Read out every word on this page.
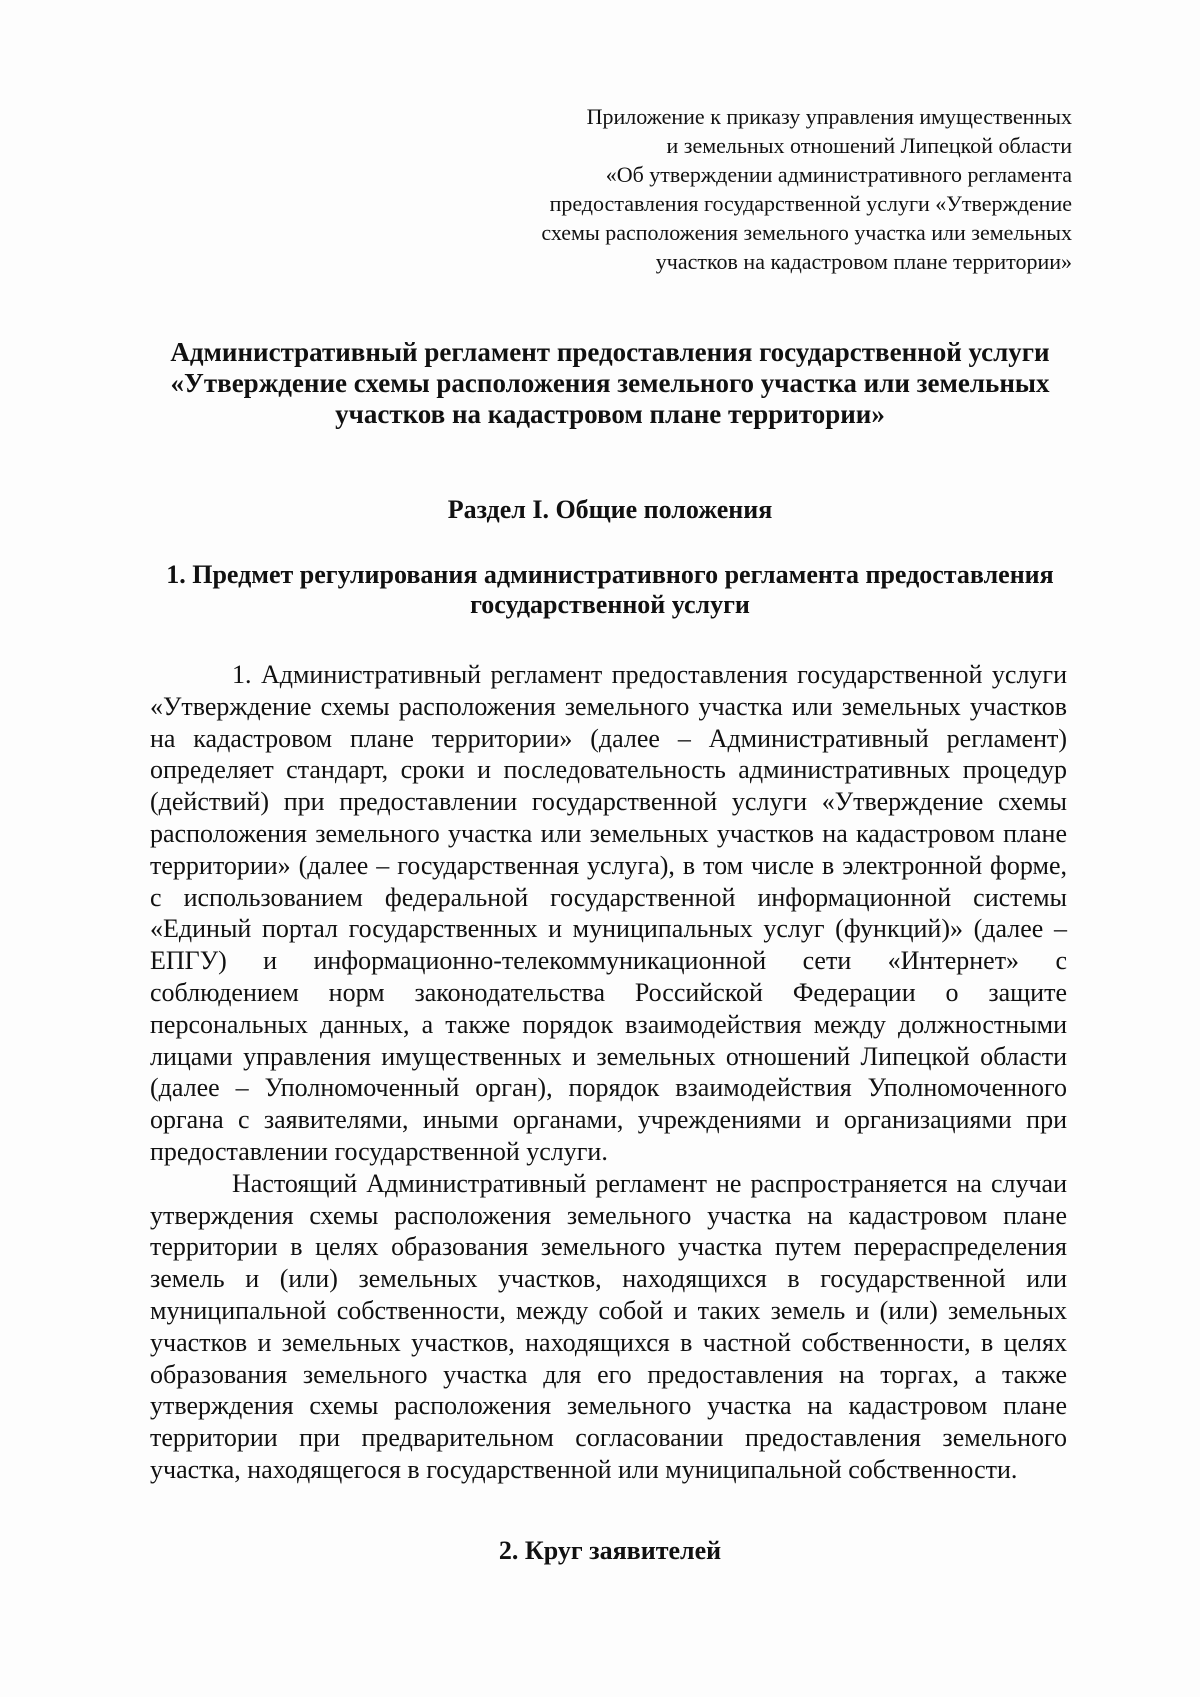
Приложение к приказу управления имущественных
и земельных отношений Липецкой области
«Об утверждении административного регламента
предоставления государственной услуги «Утверждение
схемы расположения земельного участка или земельных
участков на кадастровом плане территории»
Административный регламент предоставления государственной услуги
«Утверждение схемы расположения земельного участка или земельных
участков на кадастровом плане территории»
Раздел I. Общие положения
1. Предмет регулирования административного регламента предоставления
государственной услуги

1. Административный регламент предоставления государственной услуги «Утверждение схемы расположения земельного участка или земельных участков на кадастровом плане территории» (далее – Административный регламент) определяет стандарт, сроки и последовательность административных процедур (действий) при предоставлении государственной услуги «Утверждение схемы расположения земельного участка или земельных участков на кадастровом плане территории» (далее – государственная услуга), в том числе в электронной форме, с использованием федеральной государственной информационной системы «Единый портал государственных и муниципальных услуг (функций)» (далее – ЕПГУ) и информационно-телекоммуникационной сети «Интернет» с соблюдением норм законодательства Российской Федерации о защите персональных данных, а также порядок взаимодействия между должностными лицами управления имущественных и земельных отношений Липецкой области (далее – Уполномоченный орган), порядок взаимодействия Уполномоченного органа с заявителями, иными органами, учреждениями и организациями при предоставлении государственной услуги.

Настоящий Административный регламент не распространяется на случаи утверждения схемы расположения земельного участка на кадастровом плане территории в целях образования земельного участка путем перераспределения земель и (или) земельных участков, находящихся в государственной или муниципальной собственности, между собой и таких земель и (или) земельных участков и земельных участков, находящихся в частной собственности, в целях образования земельного участка для его предоставления на торгах, а также утверждения схемы расположения земельного участка на кадастровом плане территории при предварительном согласовании предоставления земельного участка, находящегося в государственной или муниципальной собственности.

2. Круг заявителей
